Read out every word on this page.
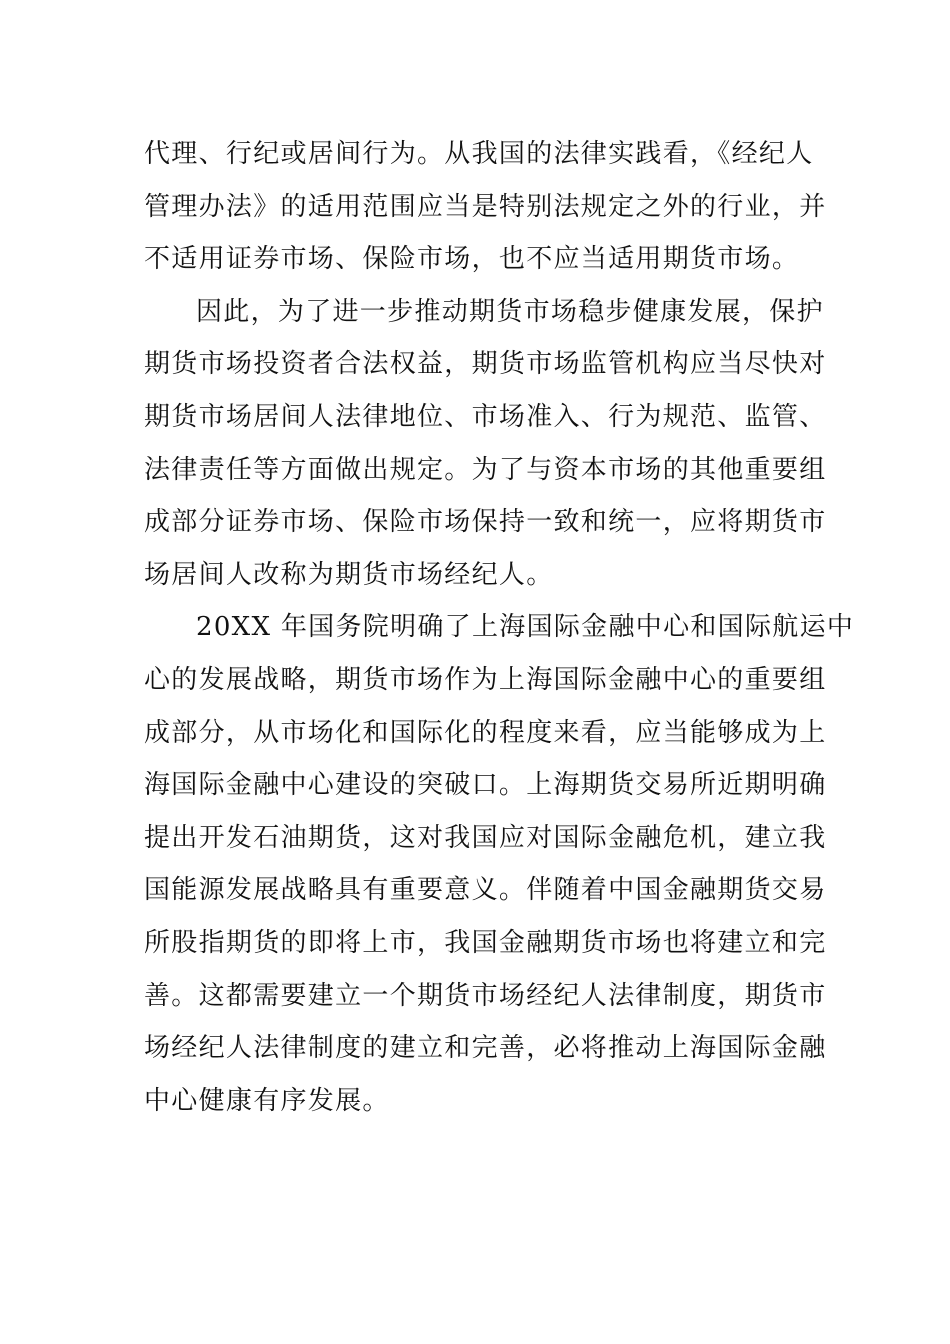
代理、行纪或居间行为。从我国的法律实践看，《经纪人
管理办法》的适用范围应当是特别法规定之外的行业，并
不适用证券市场、保险市场，也不应当适用期货市场。
因此，为了进一步推动期货市场稳步健康发展，保护
期货市场投资者合法权益，期货市场监管机构应当尽快对
期货市场居间人法律地位、市场准入、行为规范、监管、
法律责任等方面做出规定。为了与资本市场的其他重要组
成部分证券市场、保险市场保持一致和统一，应将期货市
场居间人改称为期货市场经纪人。
20XX 年国务院明确了上海国际金融中心和国际航运中
心的发展战略，期货市场作为上海国际金融中心的重要组
成部分，从市场化和国际化的程度来看，应当能够成为上
海国际金融中心建设的突破口。上海期货交易所近期明确
提出开发石油期货，这对我国应对国际金融危机，建立我
国能源发展战略具有重要意义。伴随着中国金融期货交易
所股指期货的即将上市，我国金融期货市场也将建立和完
善。这都需要建立一个期货市场经纪人法律制度，期货市
场经纪人法律制度的建立和完善，必将推动上海国际金融
中心健康有序发展。
